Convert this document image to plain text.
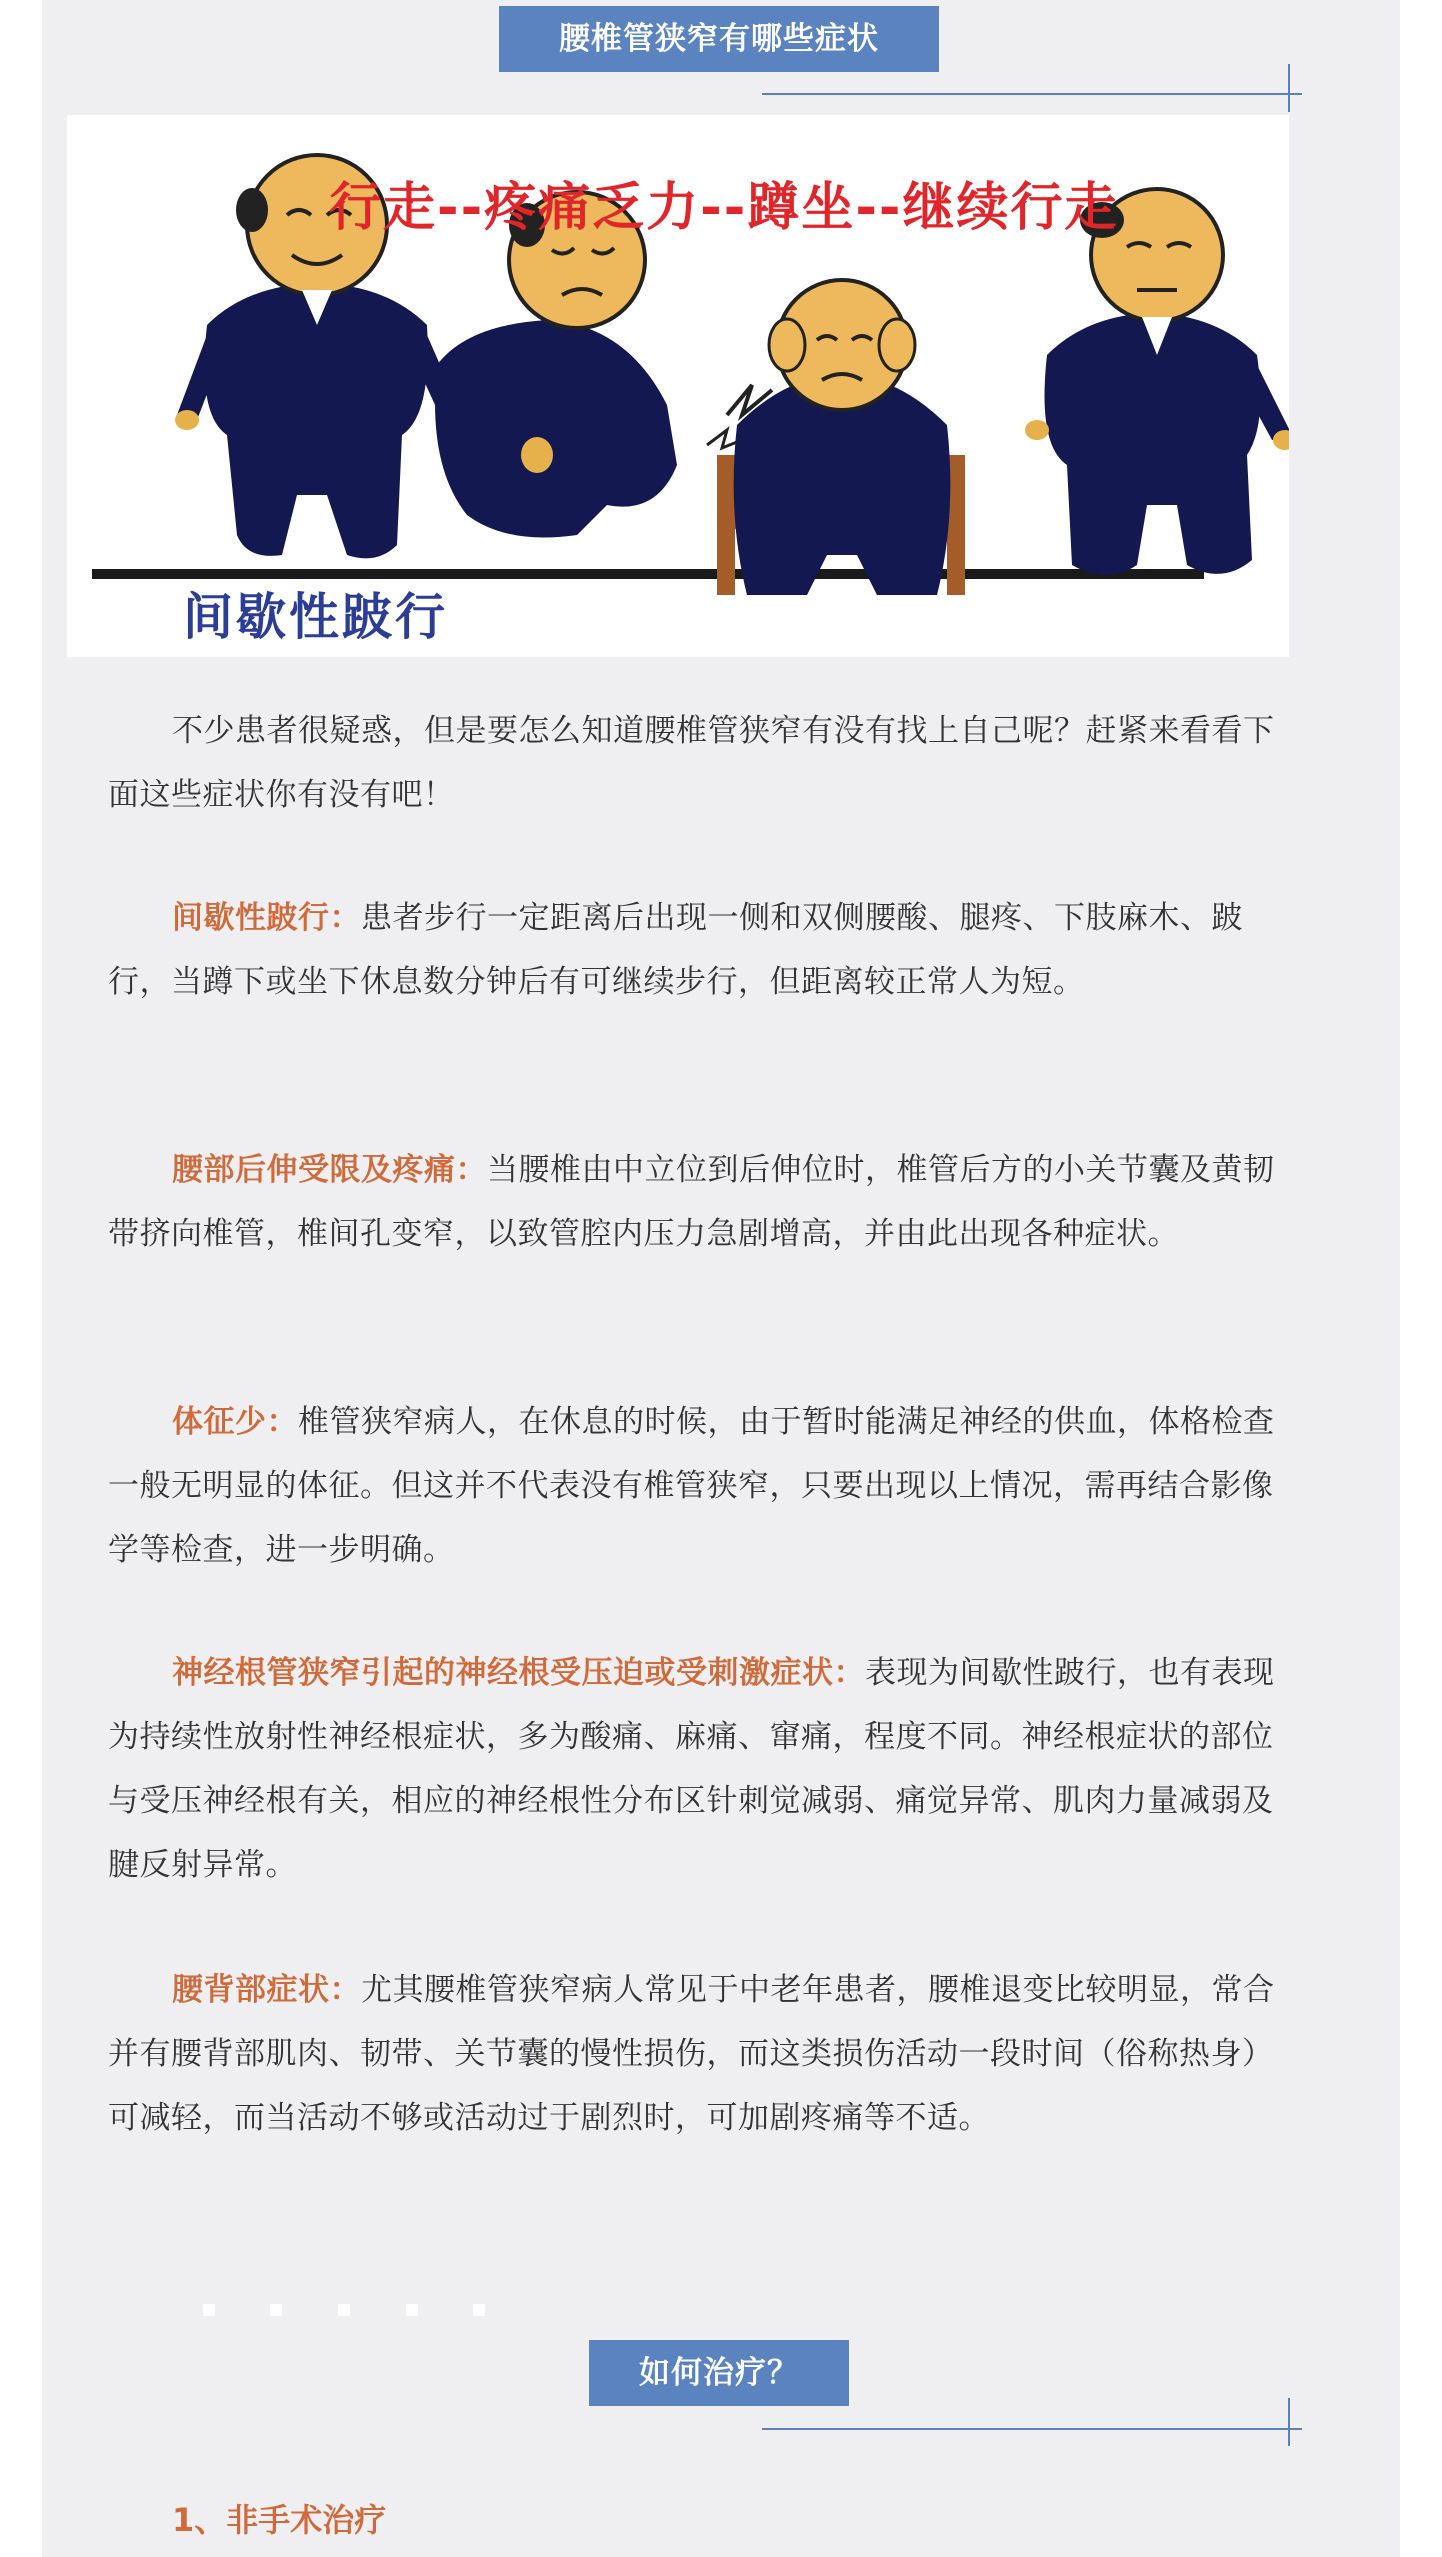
腰椎管狭窄有哪些症状
行走--疼痛乏力--蹲坐--继续行走
间歇性跛行

不少患者很疑惑，但是要怎么知道腰椎管狭窄有没有找上自己呢？赶紧来看看下面这些症状你有没有吧！

间歇性跛行：患者步行一定距离后出现一侧和双侧腰酸、腿疼、下肢麻木、跛行，当蹲下或坐下休息数分钟后有可继续步行，但距离较正常人为短。

腰部后伸受限及疼痛：当腰椎由中立位到后伸位时，椎管后方的小关节囊及黄韧带挤向椎管，椎间孔变窄，以致管腔内压力急剧增高，并由此出现各种症状。

体征少：椎管狭窄病人，在休息的时候，由于暂时能满足神经的供血，体格检查一般无明显的体征。但这并不代表没有椎管狭窄，只要出现以上情况，需再结合影像学等检查，进一步明确。

神经根管狭窄引起的神经根受压迫或受刺激症状：表现为间歇性跛行，也有表现为持续性放射性神经根症状，多为酸痛、麻痛、窜痛，程度不同。神经根症状的部位与受压神经根有关，相应的神经根性分布区针刺觉减弱、痛觉异常、肌肉力量减弱及腱反射异常。

腰背部症状：尤其腰椎管狭窄病人常见于中老年患者，腰椎退变比较明显，常合并有腰背部肌肉、韧带、关节囊的慢性损伤，而这类损伤活动一段时间（俗称热身）可减轻，而当活动不够或活动过于剧烈时，可加剧疼痛等不适。

如何治疗？
1、非手术治疗
